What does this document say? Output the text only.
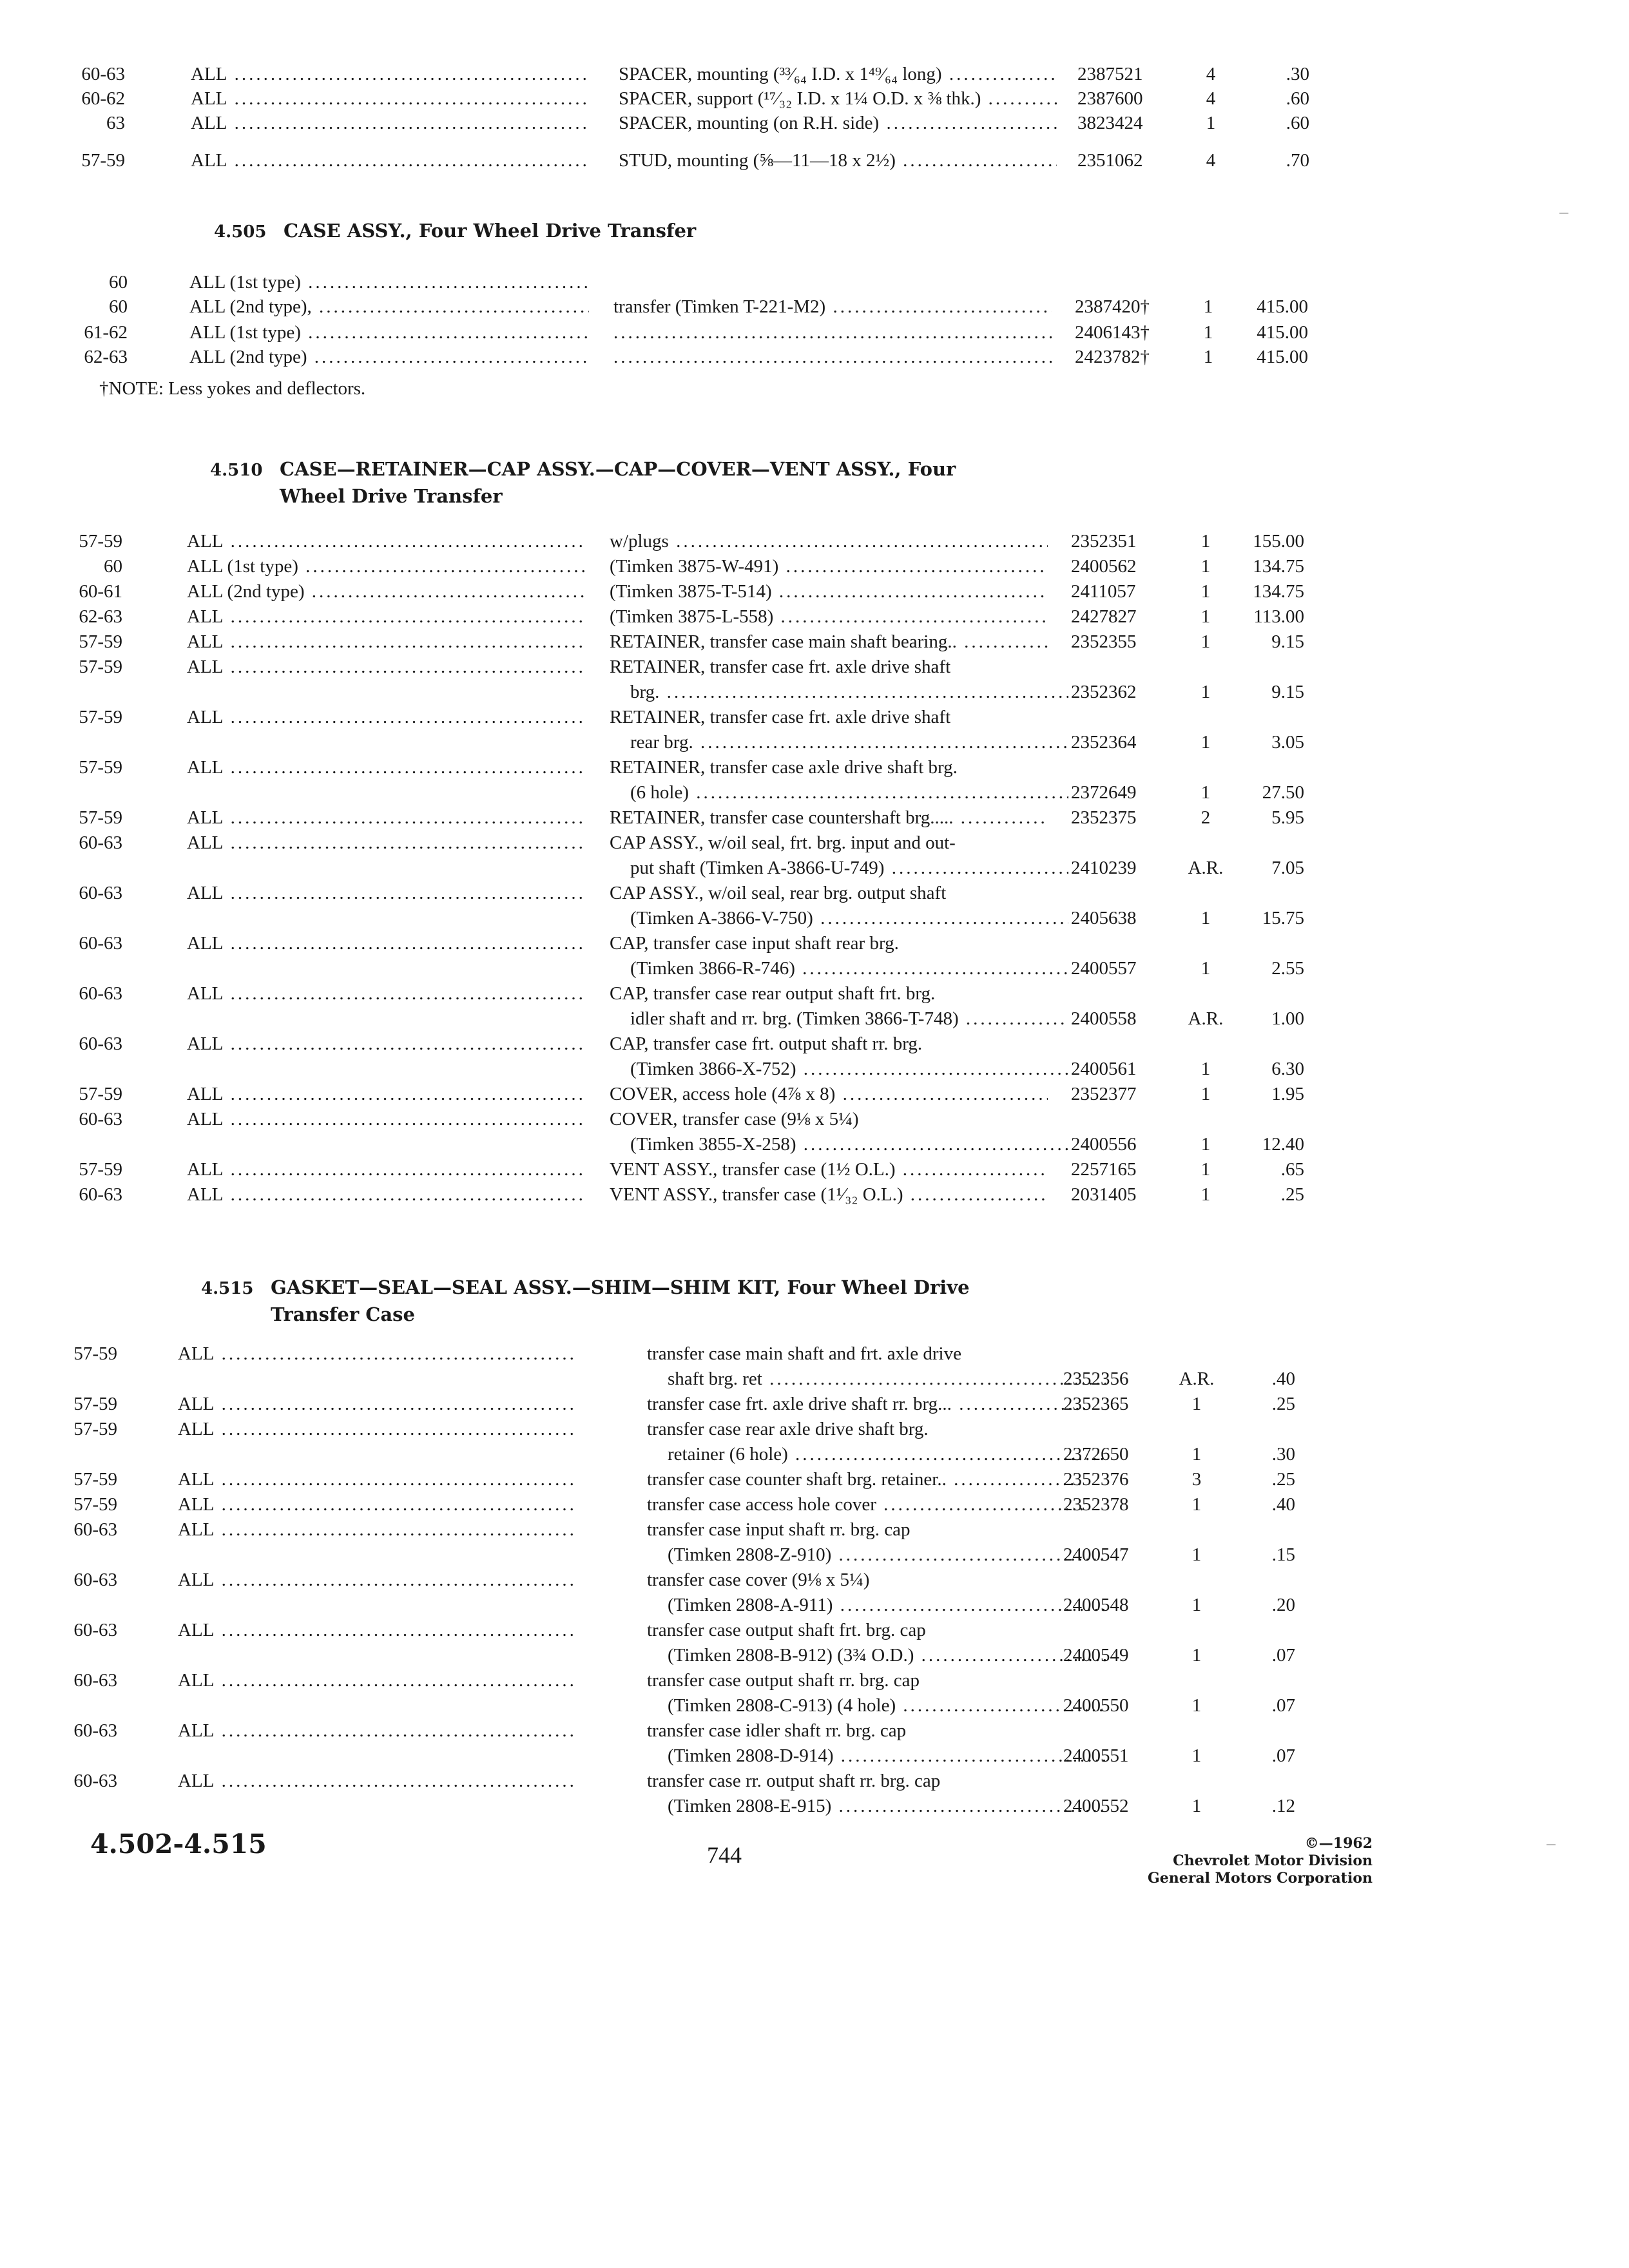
60-63	ALL .....	SPACER, mounting (³³⁄₆₄ I.D. x 1⁴⁹⁄₆₄ long) .....	2387521	4	.30
60-62	ALL .....	SPACER, support (¹⁷⁄₃₂ I.D. x 1¼ O.D. x ⅜ thk.) .....	2387600	4	.60
63	ALL .....	SPACER, mounting (on R.H. side) .....	3823424	1	.60
57-59	ALL .....	STUD, mounting (⅝—11—18 x 2½) .....	2351062	4	.70
4.505 CASE ASSY., Four Wheel Drive Transfer
60	ALL (1st type) .....
60	ALL (2nd type), .....	transfer (Timken T-221-M2) .....	2387420†	1	415.00
61-62	ALL (1st type) ..... .....	2406143†	1	415.00
62-63	ALL (2nd type) ..... .....	2423782†	1	415.00
†NOTE: Less yokes and deflectors.
4.510 CASE—RETAINER—CAP ASSY.—CAP—COVER—VENT ASSY., Four
Wheel Drive Transfer
57-59	ALL .....	w/plugs .....	2352351	1	155.00
60	ALL (1st type) .....	(Timken 3875-W-491) .....	2400562	1	134.75
60-61	ALL (2nd type) .....	(Timken 3875-T-514) .....	2411057	1	134.75
62-63	ALL .....	(Timken 3875-L-558) .....	2427827	1	113.00
57-59	ALL .....	RETAINER, transfer case main shaft bearing.. .....	2352355	1	9.15
57-59	ALL .....	RETAINER, transfer case frt. axle drive shaft
brg. .....	2352362	1	9.15
57-59	ALL .....	RETAINER, transfer case frt. axle drive shaft
rear brg. .....	2352364	1	3.05
57-59	ALL .....	RETAINER, transfer case axle drive shaft brg.
(6 hole) .....	2372649	1	27.50
57-59	ALL .....	RETAINER, transfer case countershaft brg..... .....	2352375	2	5.95
60-63	ALL .....	CAP ASSY., w/oil seal, frt. brg. input and out-
put shaft (Timken A-3866-U-749) .....	2410239	A.R.	7.05
60-63	ALL .....	CAP ASSY., w/oil seal, rear brg. output shaft
(Timken A-3866-V-750) .....	2405638	1	15.75
60-63	ALL .....	CAP, transfer case input shaft rear brg.
(Timken 3866-R-746) .....	2400557	1	2.55
60-63	ALL .....	CAP, transfer case rear output shaft frt. brg.
idler shaft and rr. brg. (Timken 3866-T-748) .....	2400558	A.R.	1.00
60-63	ALL .....	CAP, transfer case frt. output shaft rr. brg.
(Timken 3866-X-752) .....	2400561	1	6.30
57-59	ALL .....	COVER, access hole (4⅞ x 8) .....	2352377	1	1.95
60-63	ALL .....	COVER, transfer case (9⅛ x 5¼)
(Timken 3855-X-258) .....	2400556	1	12.40
57-59	ALL .....	VENT ASSY., transfer case (1½ O.L.) .....	2257165	1	.65
60-63	ALL .....	VENT ASSY., transfer case (1¹⁄₃₂ O.L.) .....	2031405	1	.25
4.515 GASKET—SEAL—SEAL ASSY.—SHIM—SHIM KIT, Four Wheel Drive
Transfer Case
57-59	ALL .....	transfer case main shaft and frt. axle drive
shaft brg. ret .....	2352356	A.R.	.40
57-59	ALL .....	transfer case frt. axle drive shaft rr. brg... .....	2352365	1	.25
57-59	ALL .....	transfer case rear axle drive shaft brg.
retainer (6 hole) .....	2372650	1	.30
57-59	ALL .....	transfer case counter shaft brg. retainer.. .....	2352376	3	.25
57-59	ALL .....	transfer case access hole cover .....	2352378	1	.40
60-63	ALL .....	transfer case input shaft rr. brg. cap
(Timken 2808-Z-910) .....	2400547	1	.15
60-63	ALL .....	transfer case cover (9⅛ x 5¼)
(Timken 2808-A-911) .....	2400548	1	.20
60-63	ALL .....	transfer case output shaft frt. brg. cap
(Timken 2808-B-912) (3¾ O.D.) .....	2400549	1	.07
60-63	ALL .....	transfer case output shaft rr. brg. cap
(Timken 2808-C-913) (4 hole) .....	2400550	1	.07
60-63	ALL .....	transfer case idler shaft rr. brg. cap
(Timken 2808-D-914) .....	2400551	1	.07
60-63	ALL .....	transfer case rr. output shaft rr. brg. cap
(Timken 2808-E-915) .....	2400552	1	.12
4.502-4.515	744	©—1962
Chevrolet Motor Division
General Motors Corporation
